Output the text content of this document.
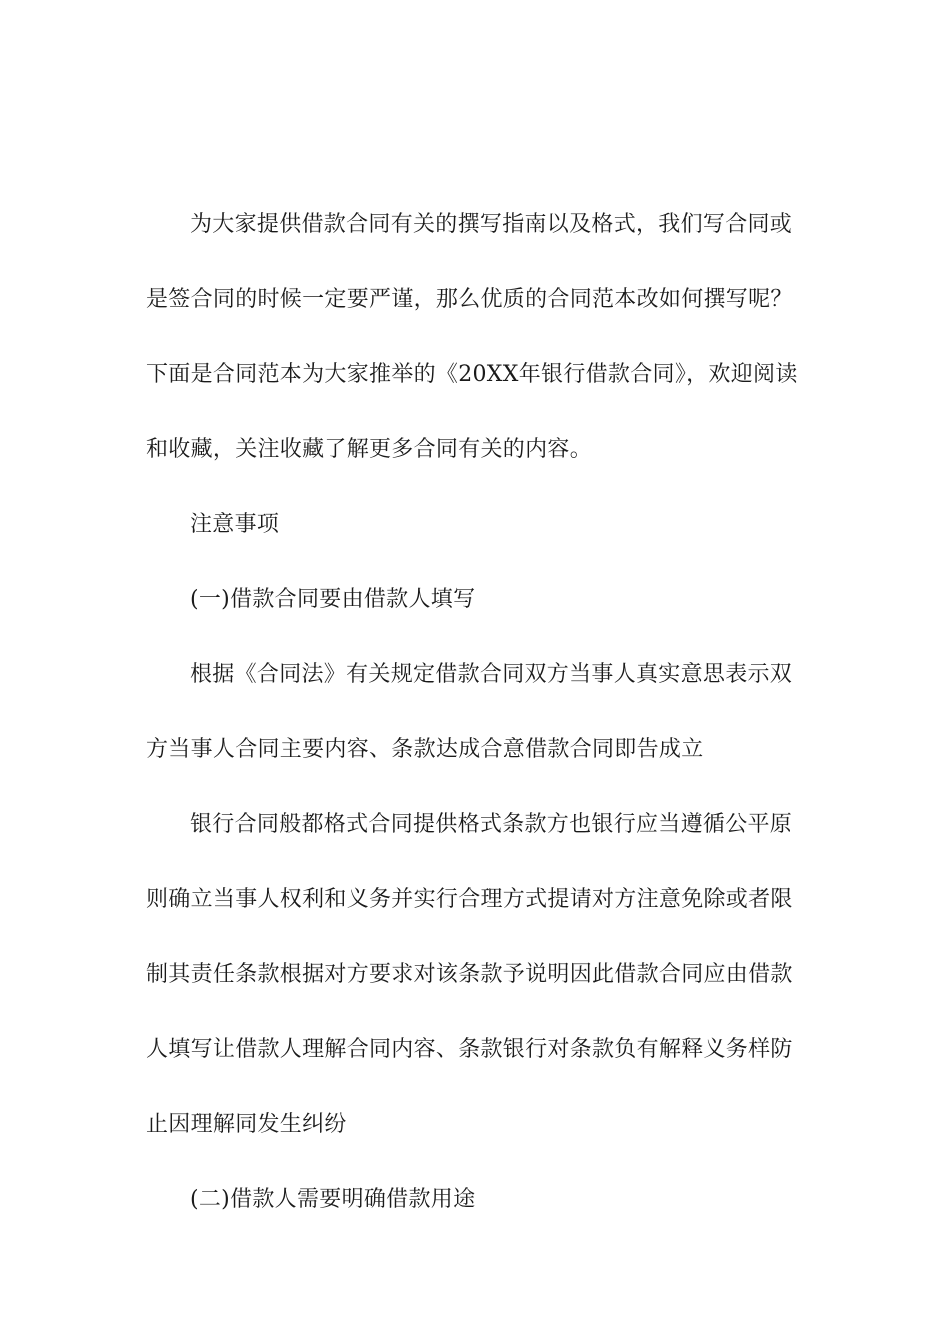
为大家提供借款合同有关的撰写指南以及格式，我们写合同或
是签合同的时候一定要严谨，那么优质的合同范本改如何撰写呢？
下面是合同范本为大家推举的《20XX年银行借款合同》，欢迎阅读
和收藏，关注收藏了解更多合同有关的内容。
注意事项
(一)借款合同要由借款人填写
根据《合同法》有关规定借款合同双方当事人真实意思表示双
方当事人合同主要内容、条款达成合意借款合同即告成立
银行合同般都格式合同提供格式条款方也银行应当遵循公平原
则确立当事人权利和义务并实行合理方式提请对方注意免除或者限
制其责任条款根据对方要求对该条款予说明因此借款合同应由借款
人填写让借款人理解合同内容、条款银行对条款负有解释义务样防
止因理解同发生纠纷
(二)借款人需要明确借款用途
